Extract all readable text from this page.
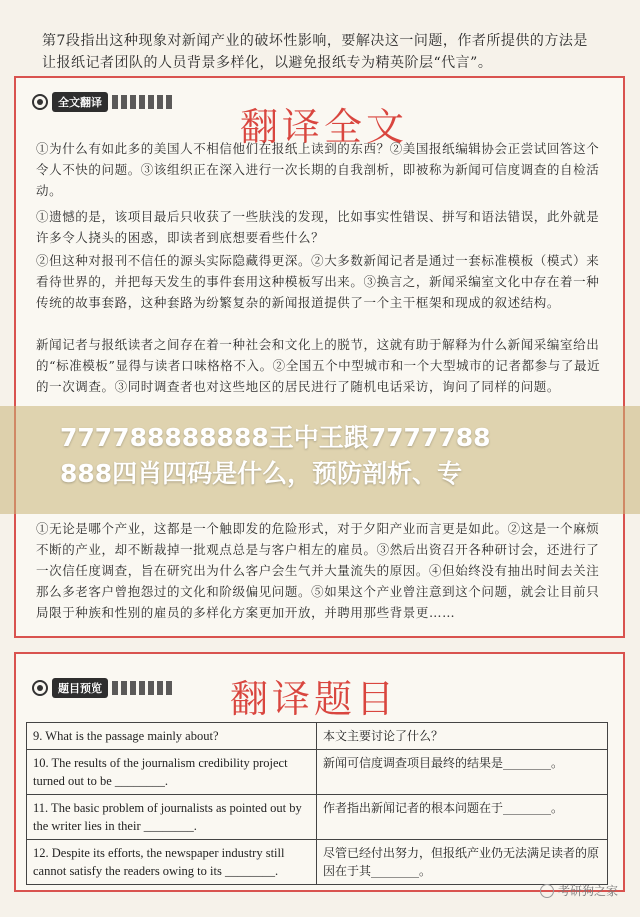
第7段指出这种现象对新闻产业的破坏性影响，要解决这一问题，作者所提供的方法是
让报纸记者团队的人员背景多样化，以避免报纸专为精英阶层“代言”。
全文翻译
翻译全文
①为什么有如此多的美国人不相信他们在报纸上读到的东西？②美国报纸编辑协会正尝试回答这个令人不快的问题。③该组织正在深入进行一次长期的自我剖析，即被称为新闻可信度调查的自检活动。
①遗憾的是，该项目最后只收获了一些肤浅的发现，比如事实性错误、拼写和语法错误，此外就是许多令人挠头的困惑，即读者到底想要看些什么？
②但这种对报刊不信任的源头实际隐藏得更深。②大多数新闻记者是通过一套标准模板（模式）来看待世界的，并把每天发生的事件套用这种模板写出来。③换言之，新闻采编室文化中存在着一种传统的故事套路，这种套路为纷繁复杂的新闻报道提供了一个主干框架和现成的叙述结构。
新闻记者与报纸读者之间存在着一种社会和文化上的脱节，这就有助于解释为什么新闻采编室给出的“标准模板”显得与读者口味格格不入。②全国五个中型城市和一个大型城市的记者都参与了最近的一次调查。③同时调查者也对这些地区的居民进行了随机电话采访，询问了同样的问题。
①无论是哪个产业，这都是一个触即发的危险形式，对于夕阳产业而言更是如此。②这是一个麻烦不断的产业，却不断裁掉一批观点总是与客户相左的雇员。③然后出资召开各种研讨会，还进行了一次信任度调查，旨在研究出为什么客户会生气并大量流失的原因。④但始终没有抽出时间去关注那么多老客户曾抱怨过的文化和阶级偏见问题。⑤如果这个产业曾注意到这个问题，就会让目前只局限于种族和性别的雇员的多样化方案更加开放，并聘用那些背景更……
777788888888王中王跟7777788
888四肖四码是什么，预防剖析、专
题目预览	翻译题目
9. What is the passage mainly about?	本文主要讨论了什么？
10. The results of the journalism credibility project turned out to be ________.	新闻可信度调查项目最终的结果是________。
11. The basic problem of journalists as pointed out by the writer lies in their ________.	作者指出新闻记者的根本问题在于________。
12. Despite its efforts, the newspaper industry still cannot satisfy the readers owing to its ________.	尽管已经付出努力，但报纸产业仍无法满足读者的原因在于其________。
考研狗之家
